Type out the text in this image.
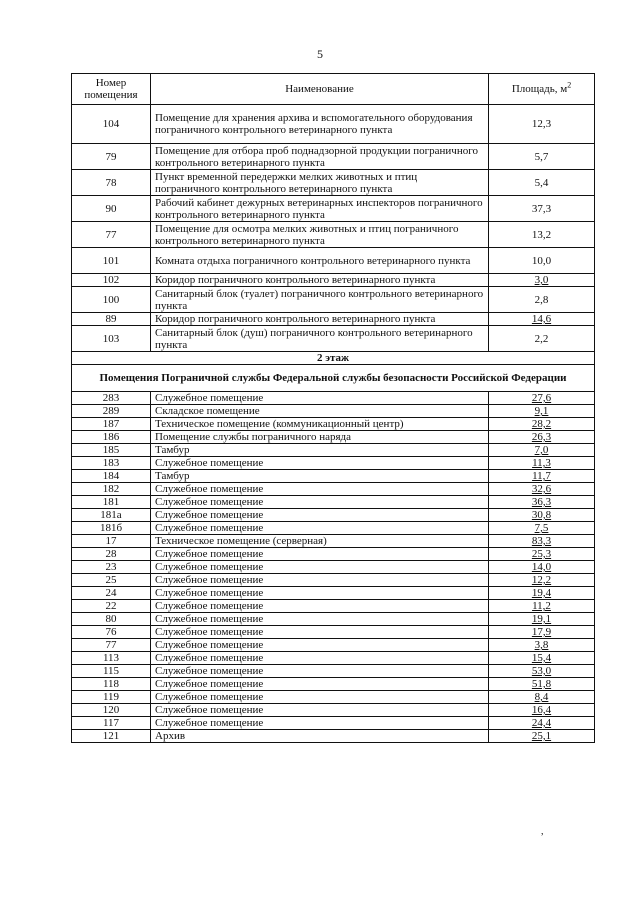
5
Номер помещения	Наименование	Площадь, $м^2$
104	Помещение для хранения архива и вспомогательного оборудования пограничного контрольного ветеринарного пункта	12,3
79	Помещение для отбора проб поднадзорной продукции пограничного контрольного ветеринарного пункта	5,7
78	Пункт временной передержки мелких животных и птиц пограничного контрольного ветеринарного пункта	5,4
90	Рабочий кабинет дежурных ветеринарных инспекторов пограничного контрольного ветеринарного пункта	37,3
77	Помещение для осмотра мелких животных и птиц пограничного контрольного ветеринарного пункта	13,2
101	Комната отдыха пограничного контрольного ветеринарного пункта	10,0
102	Коридор пограничного контрольного ветеринарного пункта	3,0
100	Санитарный блок (туалет) пограничного контрольного ветеринарного пункта	2,8
89	Коридор пограничного контрольного ветеринарного пункта	14,6
103	Санитарный блок (душ) пограничного контрольного ветеринарного пункта	2,2
2 этаж		
Помещения Пограничной службы Федеральной службы безопасности Российской Федерации		
283	Служебное помещение	27,6
289	Складское помещение	9,1
187	Техническое помещение (коммуникационный центр)	28,2
186	Помещение службы пограничного наряда	26,3
185	Тамбур	7,0
183	Служебное помещение	11,3
184	Тамбур	11,7
182	Служебное помещение	32,6
181	Служебное помещение	36,3
181а	Служебное помещение	30,8
181б	Служебное помещение	7,5
17	Техническое помещение (серверная)	83,3
28	Служебное помещение	25,3
23	Служебное помещение	14,0
25	Служебное помещение	12,2
24	Служебное помещение	19,4
22	Служебное помещение	11,2
80	Служебное помещение	19,1
76	Служебное помещение	17,9
77	Служебное помещение	3,8
113	Служебное помещение	15,4
115	Служебное помещение	53,0
118	Служебное помещение	51,8
119	Служебное помещение	8,4
120	Служебное помещение	16,4
117	Служебное помещение	24,4
121	Архив	25,1
,
